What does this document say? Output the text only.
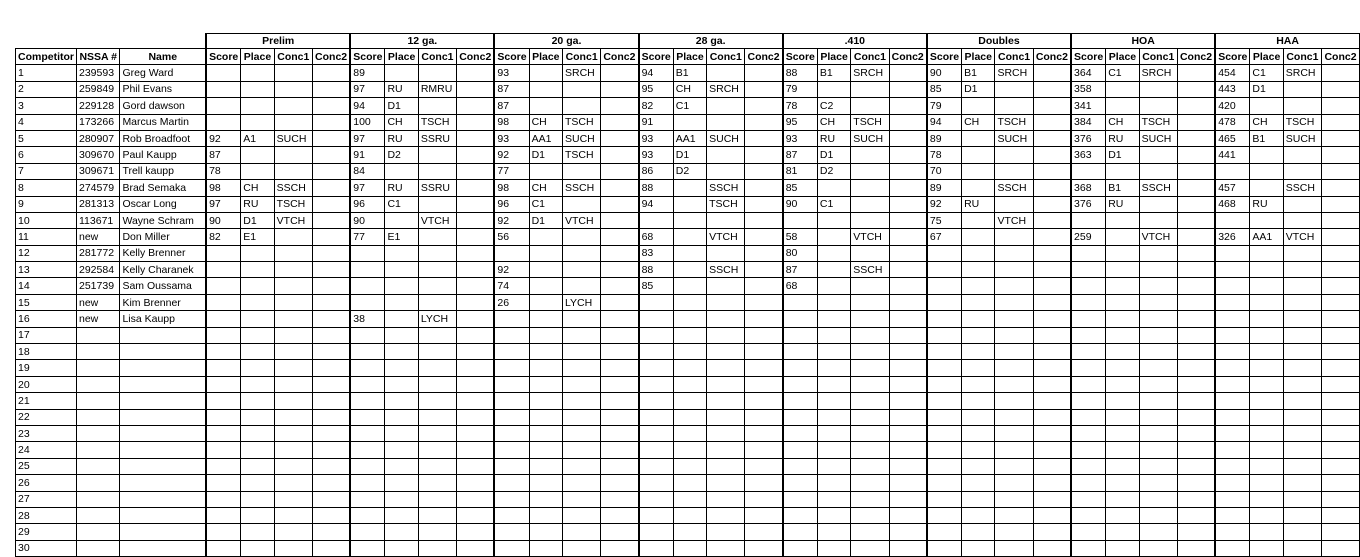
			Prelim				12 ga.				20 ga.				28 ga.				.410				Doubles				HOA				HAA			
Competitor	NSSA #	Name	Score	Place	Conc1	Conc2	Score	Place	Conc1	Conc2	Score	Place	Conc1	Conc2	Score	Place	Conc1	Conc2	Score	Place	Conc1	Conc2	Score	Place	Conc1	Conc2	Score	Place	Conc1	Conc2	Score	Place	Conc1	Conc2
1	239593	Greg Ward					89				93		SRCH		94	B1			88	B1	SRCH		90	B1	SRCH		364	C1	SRCH		454	C1	SRCH	
2	259849	Phil Evans					97	RU	RMRU		87				95	CH	SRCH		79				85	D1			358				443	D1		
3	229128	Gord dawson					94	D1			87				82	C1			78	C2			79				341				420			
4	173266	Marcus Martin					100	CH	TSCH		98	CH	TSCH		91				95	CH	TSCH		94	CH	TSCH		384	CH	TSCH		478	CH	TSCH	
5	280907	Rob Broadfoot	92	A1	SUCH		97	RU	SSRU		93	AA1	SUCH		93	AA1	SUCH		93	RU	SUCH		89		SUCH		376	RU	SUCH		465	B1	SUCH	
6	309670	Paul Kaupp	87				91	D2			92	D1	TSCH		93	D1			87	D1			78				363	D1			441			
7	309671	Trell kaupp	78				84				77				86	D2			81	D2			70											
8	274579	Brad Semaka	98	CH	SSCH		97	RU	SSRU		98	CH	SSCH		88		SSCH		85				89		SSCH		368	B1	SSCH		457		SSCH	
9	281313	Oscar Long	97	RU	TSCH		96	C1			96	C1			94		TSCH		90	C1			92	RU			376	RU			468	RU		
10	113671	Wayne Schram	90	D1	VTCH		90		VTCH		92	D1	VTCH										75		VTCH									
11	new	Don Miller	82	E1			77	E1			56				68		VTCH		58		VTCH		67				259		VTCH		326	AA1	VTCH	
12	281772	Kelly Brenner													83				80															
13	292584	Kelly Charanek									92				88		SSCH		87		SSCH													
14	251739	Sam Oussama									74				85				68															
15	new	Kim Brenner									26		LYCH																					
16	new	Lisa Kaupp					38		LYCH																									
17																																		
18																																		
19																																		
20																																		
21																																		
22																																		
23																																		
24																																		
25																																		
26																																		
27																																		
28																																		
29																																		
30																																		
